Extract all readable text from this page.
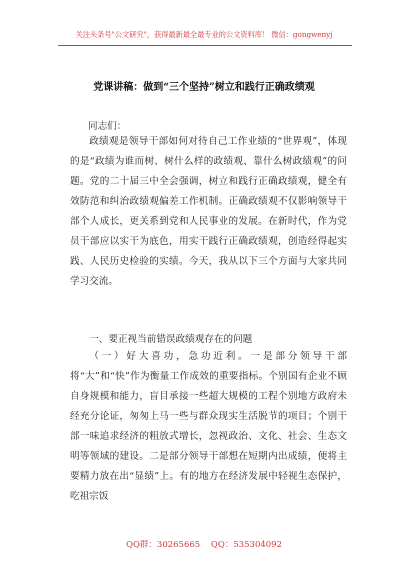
关注头条号"公文研究"，获得最新最全最专业的公文资料库！ 微信：gongwenyj
党课讲稿：做到“三个坚持”树立和践行正确政绩观
同志们：

政绩观是领导干部如何对待自己工作业绩的“世界观”，体现的是“政绩为谁而树、树什么样的政绩观、靠什么树政绩观”的问题。党的二十届三中全会强调，树立和践行正确政绩观，健全有效防范和纠治政绩观偏差工作机制。正确政绩观不仅影响领导干部个人成长，更关系到党和人民事业的发展。在新时代，作为党员干部应以实干为底色，用实干践行正确政绩观，创造经得起实践、人民历史检验的实绩。今天，我从以下三个方面与大家共同学习交流。

一、要正视当前错误政绩观存在的问题

（一）好大喜功，急功近利。一是部分领导干部将“大”和“快”作为衡量工作成效的重要指标。个别国有企业不顾自身规模和能力，盲目承接一些超大规模的工程个别地方政府未经充分论证，匆匆上马一些与群众现实生活脱节的项目；个别干部一味追求经济的粗放式增长，忽视政治、文化、社会、生态文明等领域的建设。二是部分领导干部想在短期内出成绩，便将主要精力放在出“显绩”上。有的地方在经济发展中轻视生态保护，吃祖宗饭

QQ群：30265665 QQ：535304092
